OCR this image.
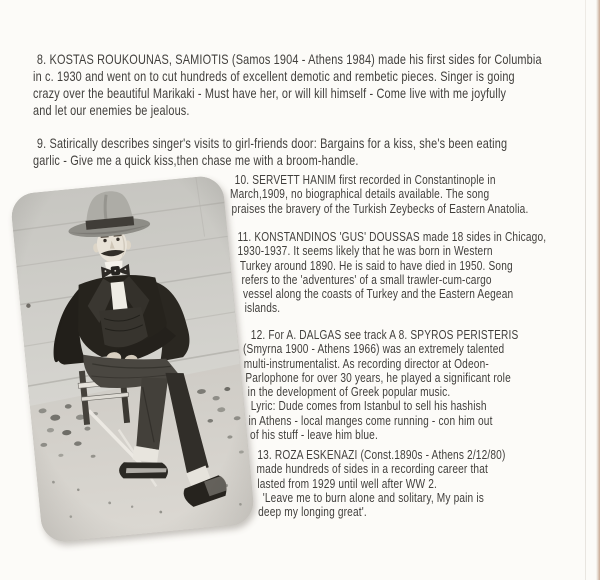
8. KOSTAS ROUKOUNAS, SAMIOTIS (Samos 1904 - Athens 1984) made his first sides for Columbia
in c. 1930 and went on to cut hundreds of excellent demotic and rembetic pieces. Singer is going
crazy over the beautiful Marikaki - Must have her, or will kill himself - Come live with me joyfully
and let our enemies be jealous.
9. Satirically describes singer's visits to girl-friends door: Bargains for a kiss, she's been eating
garlic - Give me a quick kiss,then chase me with a broom-handle.
10. SERVETT HANIM first recorded in Constantinople in
March,1909, no biographical details available. The song
praises the bravery of the Turkish Zeybecks of Eastern Anatolia.
11. KONSTANDINOS 'GUS' DOUSSAS made 18 sides in Chicago,
1930-1937. It seems likely that he was born in Western
Turkey around 1890. He is said to have died in 1950. Song
refers to the 'adventures' of a small trawler-cum-cargo
vessel along the coasts of Turkey and the Eastern Aegean
islands.
12. For A. DALGAS see track A 8. SPYROS PERISTERIS
(Smyrna 1900 - Athens 1966) was an extremely talented
multi-instrumentalist. As recording director at Odeon-
Parlophone for over 30 years, he played a significant role
in the development of Greek popular music.
Lyric: Dude comes from Istanbul to sell his hashish
in Athens - local manges come running - con him out
of his stuff - leave him blue.
13. ROZA ESKENAZI (Const.1890s - Athens 2/12/80)
made hundreds of sides in a recording career that
lasted from 1929 until well after WW 2.
'Leave me to burn alone and solitary, My pain is
deep my longing great'.
